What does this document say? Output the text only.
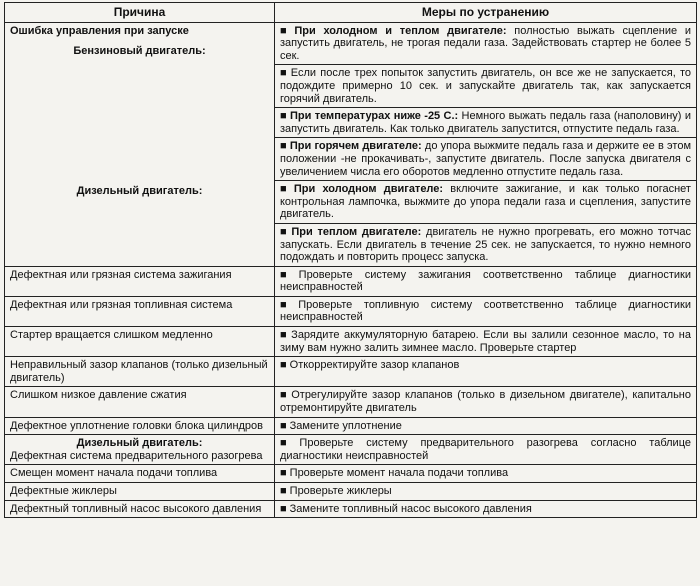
Причина	Меры по устранению

Ошибка управления при запуске
Бензиновый двигатель:	■ При холодном и теплом двигателе: полностью выжать сцепление и запустить двигатель, не трогая педали газа. Задействовать стартер не более 5 сек.
	■ Если после трех попыток запустить двигатель, он все же не запускается, то подождите примерно 10 сек. и запускайте двигатель так, как запускается горячий двигатель.
	■ При температурах ниже -25 С.: Немного выжать педаль газа (наполовину) и запустить двигатель. Как только двигатель запустится, отпустите педаль газа.
	■ При горячем двигателе: до упора выжмите педаль газа и держите ее в этом положении -не прокачивать-, запустите двигатель. После запуска двигателя с увеличением числа его оборотов медленно отпустите педаль газа.

Дизельный двигатель:	■ При холодном двигателе: включите зажигание, и как только погаснет контрольная лампочка, выжмите до упора педали газа и сцепления, запустите двигатель.
	■ При теплом двигателе: двигатель не нужно прогревать, его можно тотчас запускать. Если двигатель в течение 25 сек. не запускается, то нужно немного подождать и повторить процесс запуска.
Дефектная или грязная система зажигания	■ Проверьте систему зажигания соответственно таблице диагностики неисправностей
Дефектная или грязная топливная система	■ Проверьте топливную систему соответственно таблице диагностики неисправностей
Стартер вращается слишком медленно	■ Зарядите аккумуляторную батарею. Если вы залили сезонное масло, то на зиму вам нужно залить зимнее масло. Проверьте стартер
Неправильный зазор клапанов (только дизельный двигатель)	■ Откорректируйте зазор клапанов
Слишком низкое давление сжатия	■ Отрегулируйте зазор клапанов (только в дизельном двигателе), капитально отремонтируйте двигатель
Дефектное уплотнение головки блока цилиндров	■ Замените уплотнение

Дизельный двигатель:
Дефектная система предварительного разогрева	■ Проверьте систему предварительного разогрева согласно таблице диагностики неисправностей
Смещен момент начала подачи топлива	■ Проверьте момент начала подачи топлива
Дефектные жиклеры	■ Проверьте жиклеры
Дефектный топливный насос высокого давления	■ Замените топливный насос высокого давления
